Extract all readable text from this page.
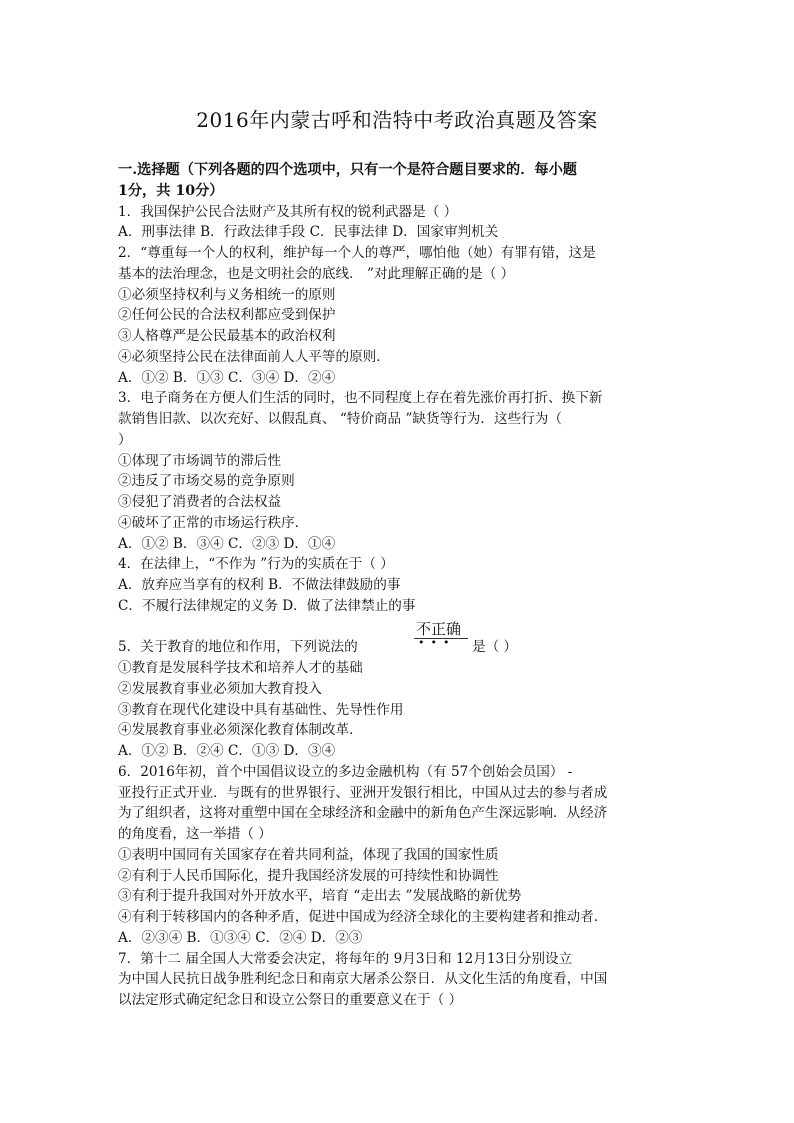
2016年内蒙古呼和浩特中考政治真题及答案
一.选择题（下列各题的四个选项中，只有一个是符合题目要求的．每小题
1分，共 10分）
1．我国保护公民合法财产及其所有权的锐利武器是（ ）
A．刑事法律 B．行政法律手段 C．民事法律 D．国家审判机关
2．“尊重每一个人的权利，维护每一个人的尊严，哪怕他（她）有罪有错，这是
基本的法治理念，也是文明社会的底线． ”对此理解正确的是（ ）
①必须坚持权利与义务相统一的原则
②任何公民的合法权利都应受到保护
③人格尊严是公民最基本的政治权利
④必须坚持公民在法律面前人人平等的原则．
A．①② B．①③ C．③④ D．②④
3．电子商务在方便人们生活的同时，也不同程度上存在着先涨价再打折、换下新
款销售旧款、以次充好、以假乱真、 “特价商品 ”缺货等行为．这些行为（
）
①体现了市场调节的滞后性
②违反了市场交易的竞争原则
③侵犯了消费者的合法权益
④破坏了正常的市场运行秩序．
A．①② B．③④ C．②③ D．①④
4．在法律上，“不作为 ”行为的实质在于（ ）
A．放弃应当享有的权利 B．不做法律鼓励的事
C．不履行法律规定的义务 D．做了法律禁止的事
5．关于教育的地位和作用，下列说法的
不正确
••• 是（ ）
①教育是发展科学技术和培养人才的基础
②发展教育事业必须加大教育投入
③教育在现代化建设中具有基础性、先导性作用
④发展教育事业必须深化教育体制改革．
A．①② B．②④ C．①③ D．③④
6．2016年初，首个中国倡议设立的多边金融机构（有 57个创始会员国） -
亚投行正式开业．与既有的世界银行、亚洲开发银行相比，中国从过去的参与者成
为了组织者，这将对重塑中国在全球经济和金融中的新角色产生深远影响．从经济
的角度看，这一举措（ ）
①表明中国同有关国家存在着共同利益，体现了我国的国家性质
②有利于人民币国际化，提升我国经济发展的可持续性和协调性
③有利于提升我国对外开放水平，培育 “走出去 ”发展战略的新优势
④有利于转移国内的各种矛盾，促进中国成为经济全球化的主要构建者和推动者．
A．②③④ B．①③④ C．②④ D．②③
7．第十二 届全国人大常委会决定，将每年的 9月3日和 12月13日分别设立
为中国人民抗日战争胜利纪念日和南京大屠杀公祭日．从文化生活的角度看，中国
以法定形式确定纪念日和设立公祭日的重要意义在于（ ）
